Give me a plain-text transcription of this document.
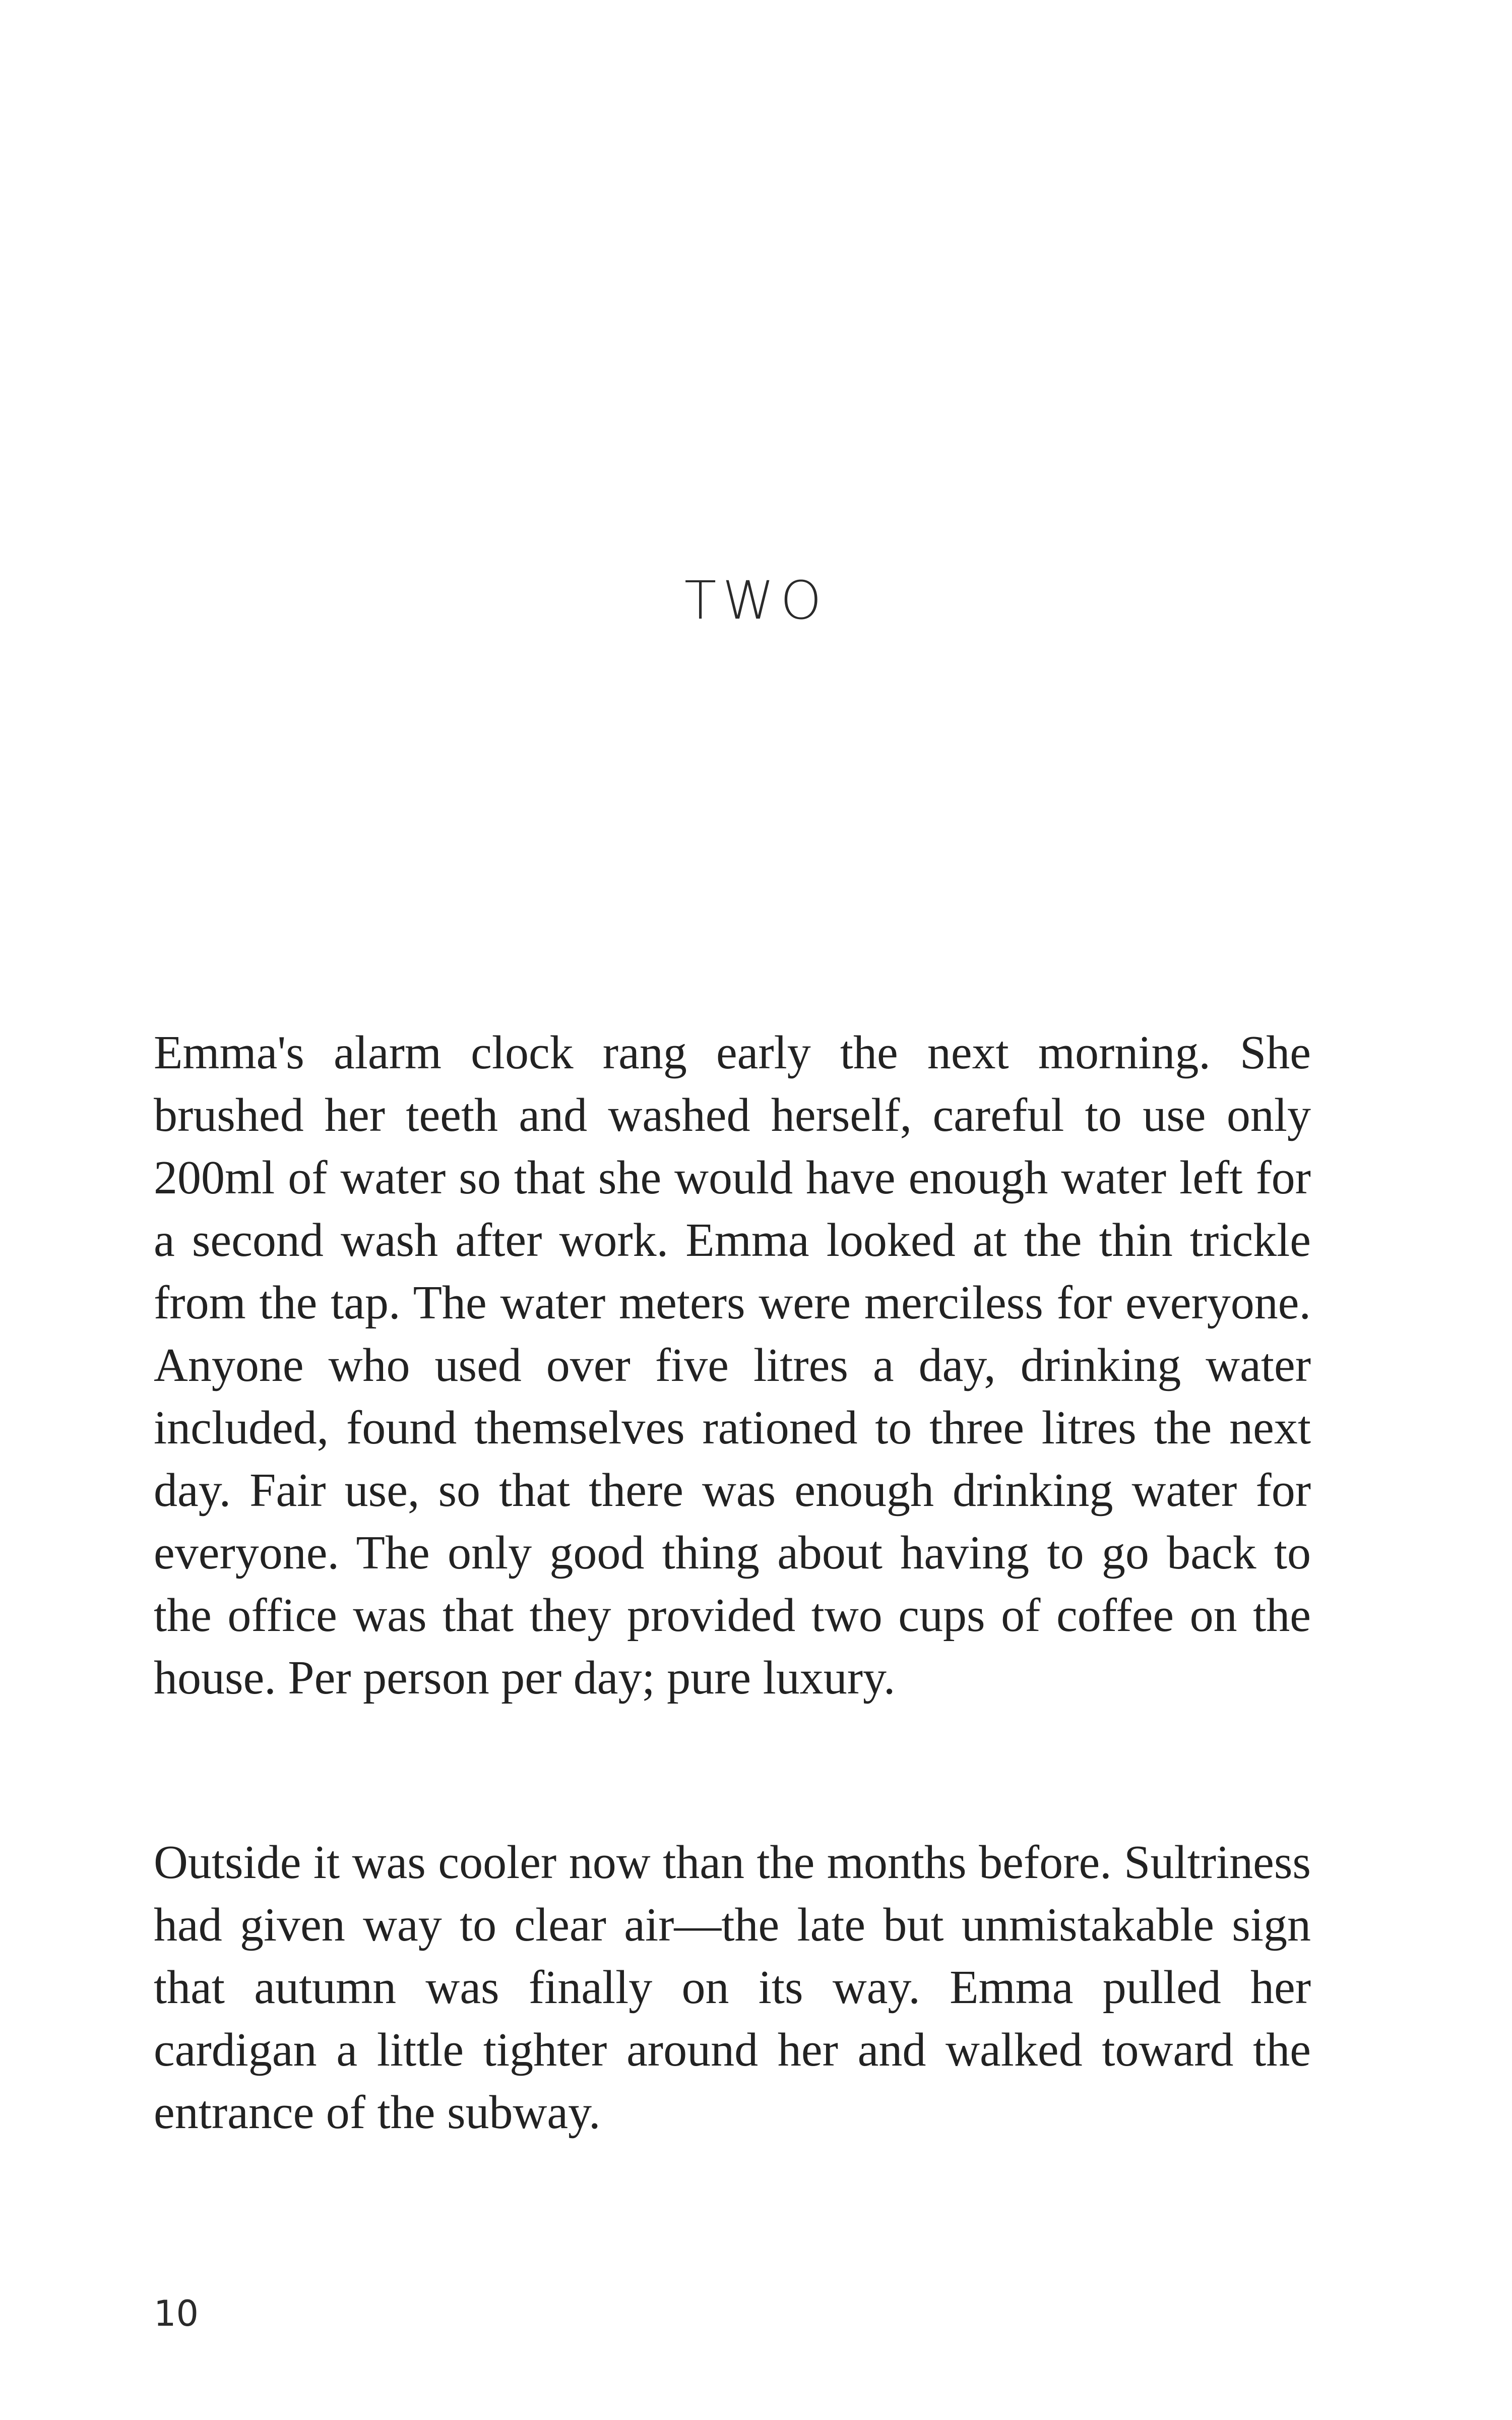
TWO

Emma's alarm clock rang early the next morning. She brushed her teeth and washed herself, careful to use only 200ml of water so that she would have enough water left for a second wash after work. Emma looked at the thin trickle from the tap. The water meters were merciless for everyone. Anyone who used over five litres a day, drinking water included, found themselves rationed to three litres the next day. Fair use, so that there was enough drinking water for everyone. The only good thing about having to go back to the office was that they provided two cups of coffee on the house. Per person per day; pure luxury.

Outside it was cooler now than the months before. Sultriness had given way to clear air—the late but unmistakable sign that autumn was finally on its way. Emma pulled her cardigan a little tighter around her and walked toward the entrance of the subway.

10
